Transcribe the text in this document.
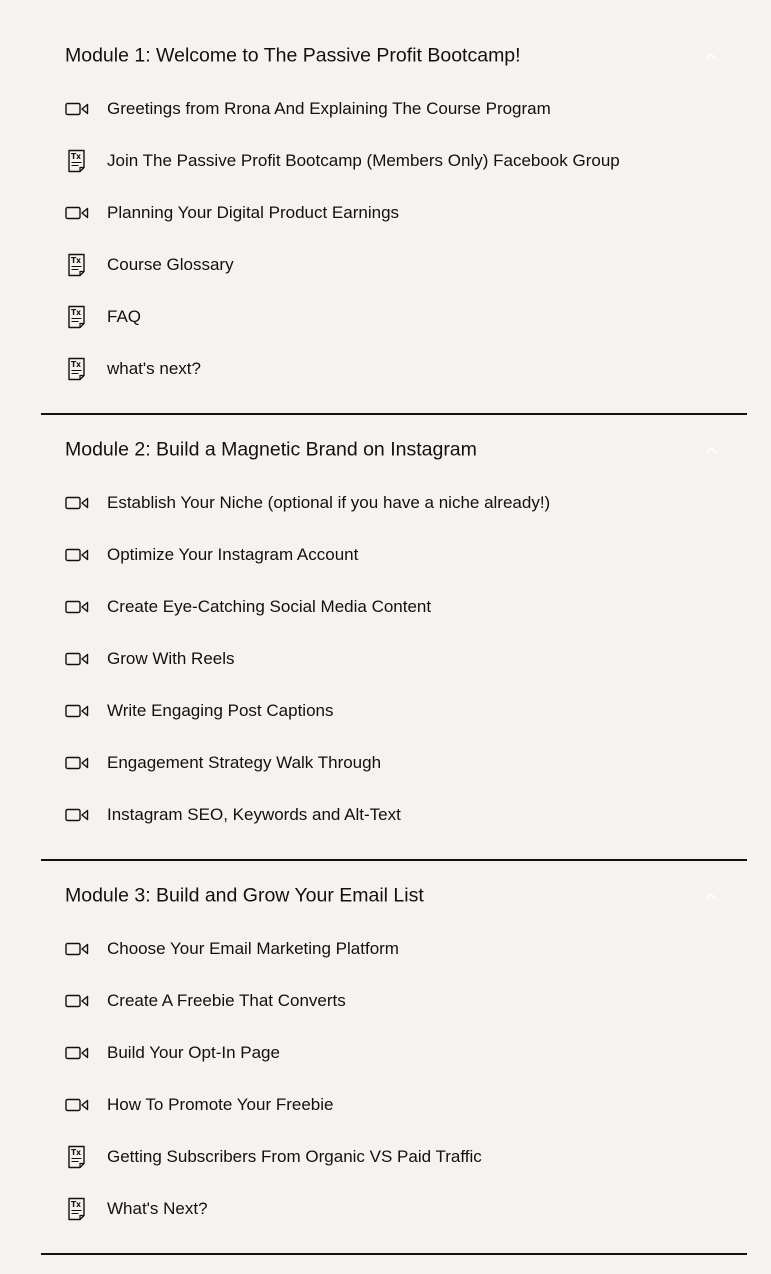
Module 1: Welcome to The Passive Profit Bootcamp!
Greetings from Rrona And Explaining The Course Program
Tx Join The Passive Profit Bootcamp (Members Only) Facebook Group
Planning Your Digital Product Earnings
Tx Course Glossary
Tx FAQ
Tx what's next?
Module 2: Build a Magnetic Brand on Instagram
Establish Your Niche (optional if you have a niche already!)
Optimize Your Instagram Account
Create Eye-Catching Social Media Content
Grow With Reels
Write Engaging Post Captions
Engagement Strategy Walk Through
Instagram SEO, Keywords and Alt-Text
Module 3: Build and Grow Your Email List
Choose Your Email Marketing Platform
Create A Freebie That Converts
Build Your Opt-In Page
How To Promote Your Freebie
Tx Getting Subscribers From Organic VS Paid Traffic
Tx What's Next?
